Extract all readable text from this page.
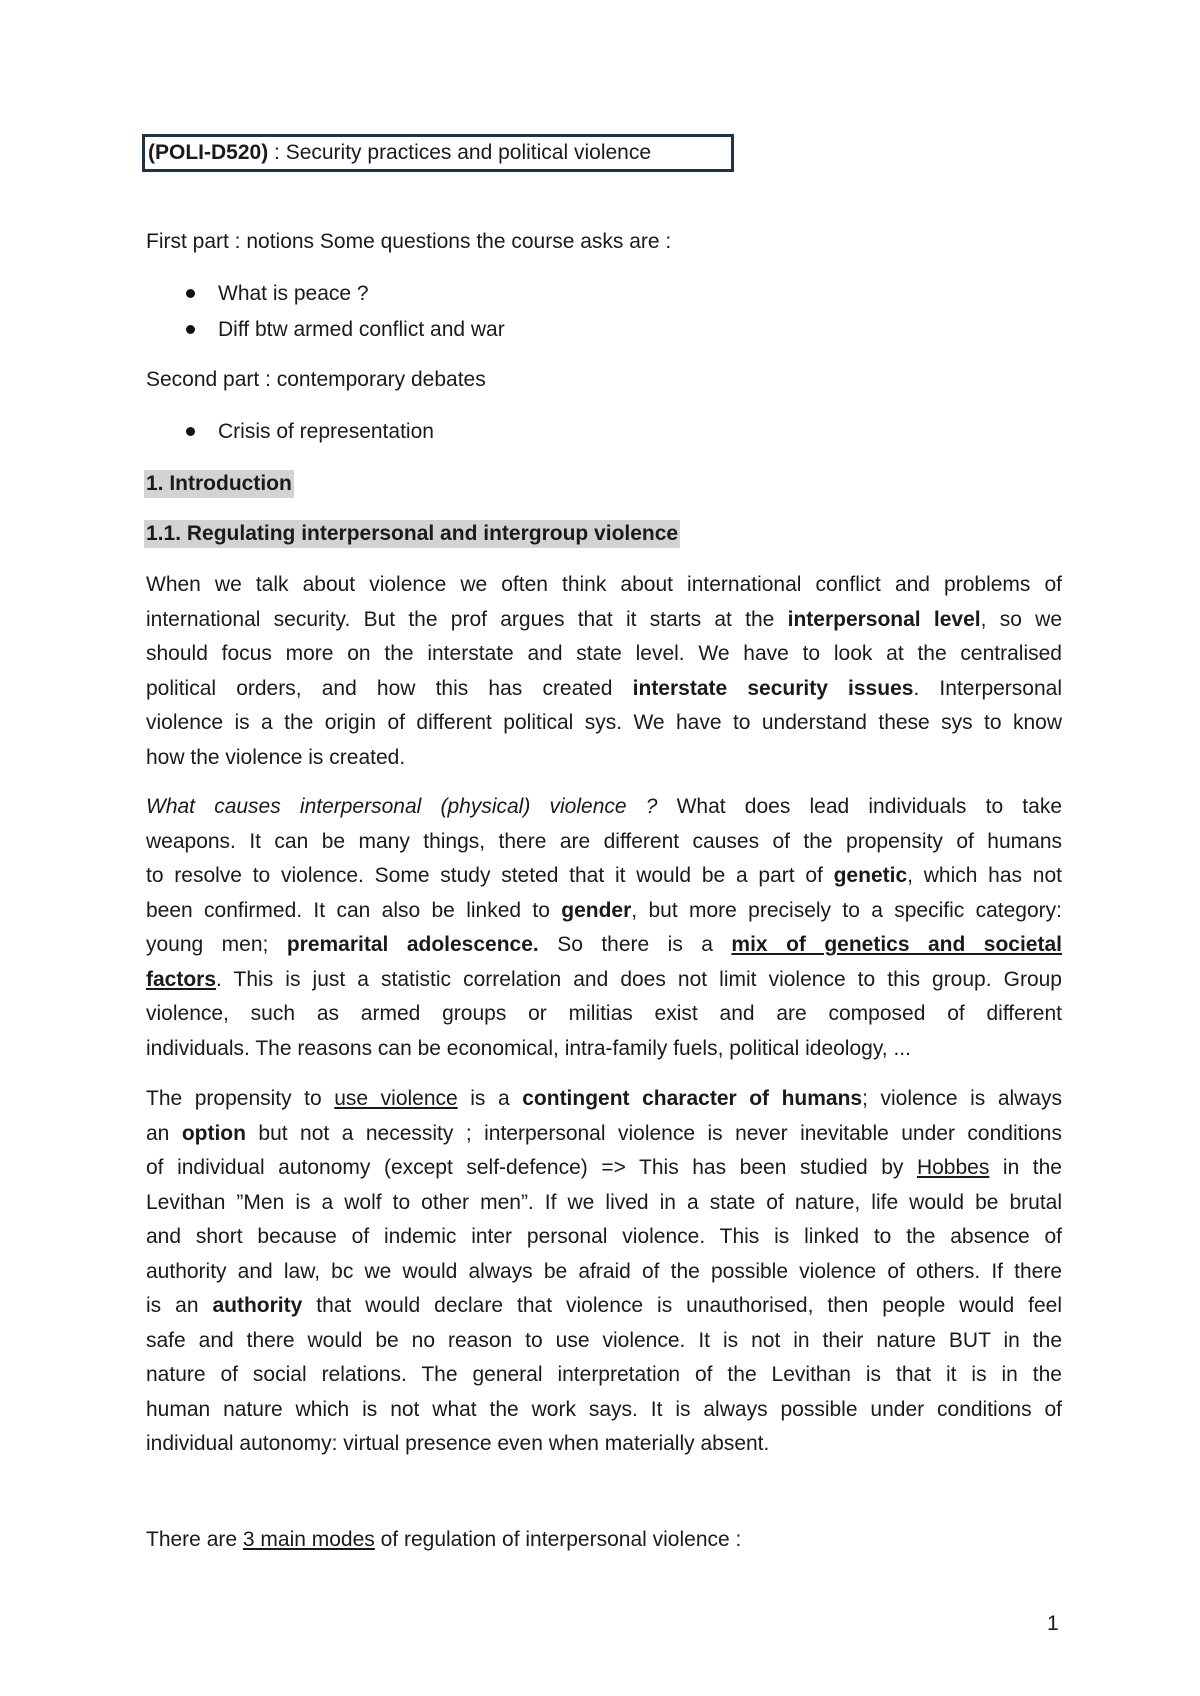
(POLI-D520) : Security practices and political violence
First part : notions Some questions the course asks are :
What is peace ?
Diff btw armed conflict and war
Second part : contemporary debates
Crisis of representation
1. Introduction
1.1. Regulating interpersonal and intergroup violence
When we talk about violence we often think about international conflict and problems of
international security. But the prof argues that it starts at the interpersonal level, so we
should focus more on the interstate and state level. We have to look at the centralised
political orders, and how this has created interstate security issues. Interpersonal
violence is a the origin of different political sys. We have to understand these sys to know
how the violence is created.
What causes interpersonal (physical) violence ? What does lead individuals to take
weapons. It can be many things, there are different causes of the propensity of humans
to resolve to violence. Some study steted that it would be a part of genetic, which has not
been confirmed. It can also be linked to gender, but more precisely to a specific category:
young men; premarital adolescence. So there is a mix of genetics and societal
factors. This is just a statistic correlation and does not limit violence to this group. Group
violence, such as armed groups or militias exist and are composed of different
individuals. The reasons can be economical, intra-family fuels, political ideology, ...
The propensity to use violence is a contingent character of humans; violence is always
an option but not a necessity ; interpersonal violence is never inevitable under conditions
of individual autonomy (except self-defence) => This has been studied by Hobbes in the
Levithan ”Men is a wolf to other men”. If we lived in a state of nature, life would be brutal
and short because of indemic inter personal violence. This is linked to the absence of
authority and law, bc we would always be afraid of the possible violence of others. If there
is an authority that would declare that violence is unauthorised, then people would feel
safe and there would be no reason to use violence. It is not in their nature BUT in the
nature of social relations. The general interpretation of the Levithan is that it is in the
human nature which is not what the work says. It is always possible under conditions of
individual autonomy: virtual presence even when materially absent.
There are 3 main modes of regulation of interpersonal violence :
1
